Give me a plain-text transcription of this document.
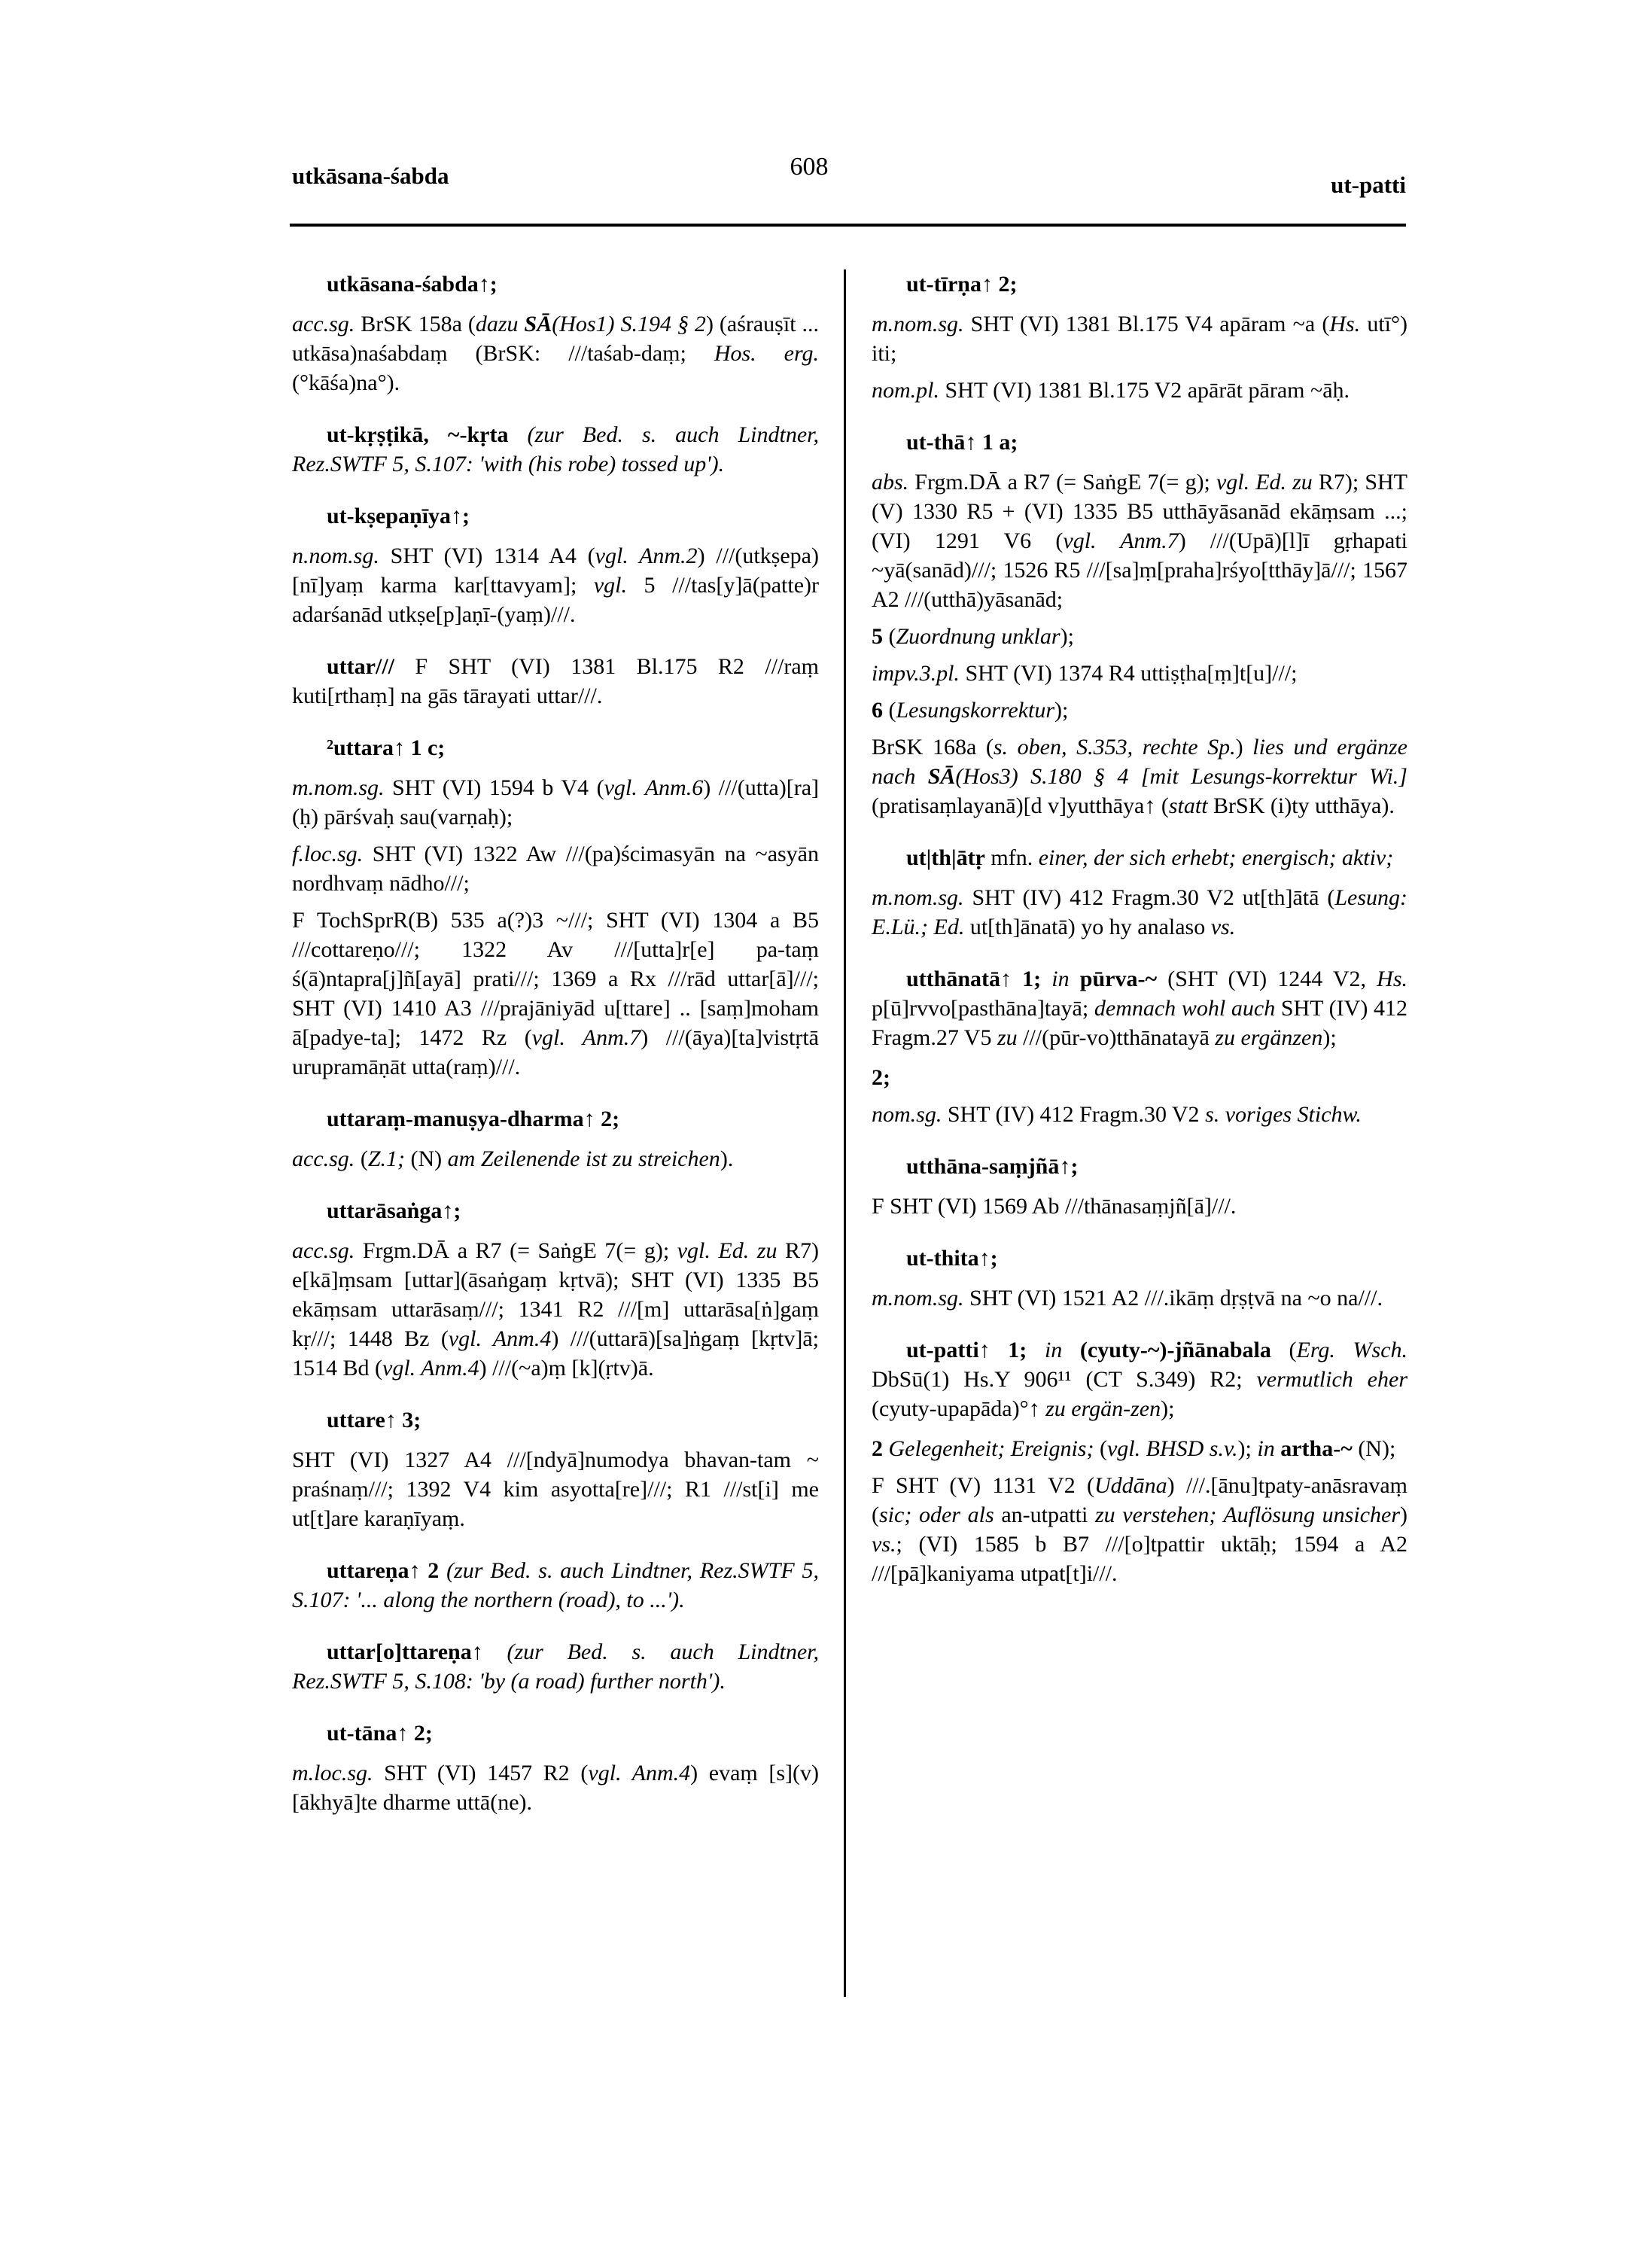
utkāsana-śabda	608
ut-patti

utkāsana-śabda↑;

acc.sg. BrSK 158a (dazu SĀ(Hos1) S.194 § 2) (aśrauṣīt ... utkāsa)naśabdaṃ (BrSK: ///taśab-daṃ; Hos. erg. (°kāśa)na°).

ut-kṛṣṭikā, ~-kṛta (zur Bed. s. auch Lindtner, Rez.SWTF 5, S.107: 'with (his robe) tossed up').

ut-kṣepaṇīya↑;

n.nom.sg. SHT (VI) 1314 A4 (vgl. Anm.2) ///(utkṣepa)[nī]yaṃ karma kar[ttavyam]; vgl. 5 ///tas[y]ā(patte)r adarśanād utkṣe[p]aṇī-(yaṃ)///.

uttar/// F SHT (VI) 1381 Bl.175 R2 ///raṃ kuti[rthaṃ] na gās tārayati uttar///.

²uttara↑ 1 c;

m.nom.sg. SHT (VI) 1594 b V4 (vgl. Anm.6) ///(utta)[ra](ḥ) pārśvaḥ sau(varṇaḥ);

f.loc.sg. SHT (VI) 1322 Aw ///(pa)ścimasyān na ~asyān nordhvaṃ nādho///;

F TochSprR(B) 535 a(?)3 ~///; SHT (VI) 1304 a B5 ///cottareṇo///; 1322 Av ///[utta]r[e] pa-taṃ ś(ā)ntapra[j]ñ[ayā] prati///; 1369 a Rx ///rād uttar[ā]///; SHT (VI) 1410 A3 ///prajāniyād u[ttare] .. [saṃ]moham ā[padye-ta]; 1472 Rz (vgl. Anm.7) ///(āya)[ta]vistṛtā urupramāṇāt utta(raṃ)///.

uttaraṃ-manuṣya-dharma↑ 2;

acc.sg. (Z.1; (N) am Zeilenende ist zu streichen).

uttarāsaṅga↑;

acc.sg. Frgm.DĀ a R7 (= SaṅgE 7(= g); vgl. Ed. zu R7) e[kā]ṃsam [uttar](āsaṅgaṃ kṛtvā); SHT (VI) 1335 B5 ekāṃsam uttarāsaṃ///; 1341 R2 ///[m] uttarāsa[ṅ]gaṃ kṛ///; 1448 Bz (vgl. Anm.4) ///(uttarā)[sa]ṅgaṃ [kṛtv]ā; 1514 Bd (vgl. Anm.4) ///(~a)ṃ [k](ṛtv)ā.

uttare↑ 3;

SHT (VI) 1327 A4 ///[ndyā]numodya bhavan-tam ~ praśnaṃ///; 1392 V4 kim asyotta[re]///; R1 ///st[i] me ut[t]are karaṇīyaṃ.

uttareṇa↑ 2 (zur Bed. s. auch Lindtner, Rez.SWTF 5, S.107: '... along the northern (road), to ...').

uttar[o]ttareṇa↑ (zur Bed. s. auch Lindtner, Rez.SWTF 5, S.108: 'by (a road) further north').

ut-tāna↑ 2;

m.loc.sg. SHT (VI) 1457 R2 (vgl. Anm.4) evaṃ [s](v)[ākhyā]te dharme uttā(ne).

ut-tīrṇa↑ 2;

m.nom.sg. SHT (VI) 1381 Bl.175 V4 apāram ~a (Hs. utī°) iti;

nom.pl. SHT (VI) 1381 Bl.175 V2 apārāt pāram ~āḥ.

ut-thā↑ 1 a;

abs. Frgm.DĀ a R7 (= SaṅgE 7(= g); vgl. Ed. zu R7); SHT (V) 1330 R5 + (VI) 1335 B5 utthāyāsanād ekāṃsam ...; (VI) 1291 V6 (vgl. Anm.7) ///(Upā)[l]ī gṛhapati ~yā(sanād)///; 1526 R5 ///[sa]ṃ[praha]rśyo[tthāy]ā///; 1567 A2 ///(utthā)yāsanād;

5 (Zuordnung unklar);

impv.3.pl. SHT (VI) 1374 R4 uttiṣṭha[ṃ]t[u]///;

6 (Lesungskorrektur);

BrSK 168a (s. oben, S.353, rechte Sp.) lies und ergänze nach SĀ(Hos3) S.180 § 4 [mit Lesungs-korrektur Wi.] (pratisaṃlayanā)[d v]yutthāya↑ (statt BrSK (i)ty utthāya).

ut|th|ātṛ mfn. einer, der sich erhebt; energisch; aktiv;

m.nom.sg. SHT (IV) 412 Fragm.30 V2 ut[th]ātā (Lesung: E.Lü.; Ed. ut[th]ānatā) yo hy analaso vs.

utthānatā↑ 1; in pūrva-~ (SHT (VI) 1244 V2, Hs. p[ū]rvvo[pasthāna]tayā; demnach wohl auch SHT (IV) 412 Fragm.27 V5 zu ///(pūr-vo)tthānatayā zu ergänzen);

2;

nom.sg. SHT (IV) 412 Fragm.30 V2 s. voriges Stichw.

utthāna-saṃjñā↑;

F SHT (VI) 1569 Ab ///thānasaṃjñ[ā]///.

ut-thita↑;

m.nom.sg. SHT (VI) 1521 A2 ///.ikāṃ dṛṣṭvā na ~o na///.

ut-patti↑ 1; in (cyuty-~)-jñānabala (Erg. Wsch. DbSū(1) Hs.Y 906¹¹ (CT S.349) R2; vermutlich eher (cyuty-upapāda)°↑ zu ergän-zen);

2 Gelegenheit; Ereignis; (vgl. BHSD s.v.); in artha-~ (N);

F SHT (V) 1131 V2 (Uddāna) ///.[ānu]tpaty-anāsravaṃ (sic; oder als an-utpatti zu verstehen; Auflösung unsicher) vs.; (VI) 1585 b B7 ///[o]tpattir uktāḥ; 1594 a A2 ///[pā]kaniyama utpat[t]i///.
